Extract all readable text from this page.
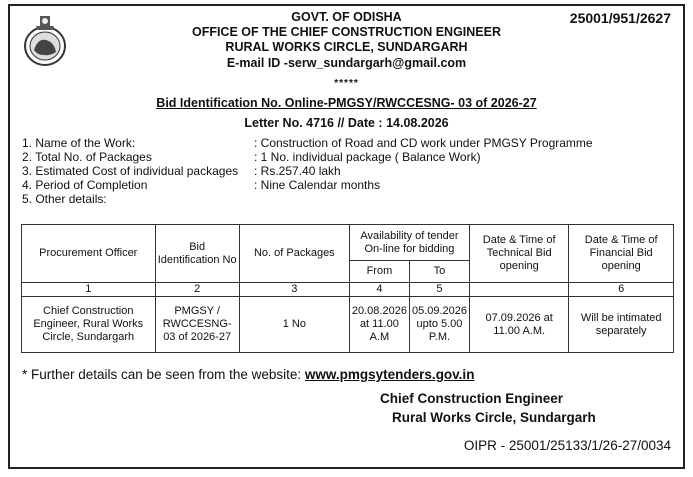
25001/951/2627
GOVT. OF ODISHA
OFFICE OF THE CHIEF CONSTRUCTION ENGINEER
RURAL WORKS CIRCLE, SUNDARGARH
E-mail ID -serw_sundargarh@gmail.com
*****
Bid Identification No. Online-PMGSY/RWCCESNG- 03 of 2026-27
Letter No. 4716 // Date : 14.08.2026
1. Name of the Work:	: Construction of Road and CD work under PMGSY Programme
2. Total No. of Packages	: 1 No. individual package ( Balance Work)
3. Estimated Cost of individual packages : Rs.257.40 lakh
4. Period of Completion	: Nine Calendar months
5. Other details:
Procurement Officer	Bid Identification No	No. of Packages	Availability of tender On-line for bidding		Date & Time of Technical Bid opening	Date & Time of Financial Bid opening
			From	To		
1	2	3	4	5		6
Chief Construction Engineer, Rural Works Circle, Sundargarh	PMGSY / RWCCESNG-03 of 2026-27	1 No	20.08.2026 at 11.00 A.M	05.09.2026 upto 5.00 P.M.	07.09.2026 at 11.00 A.M.	Will be intimated separately
* Further details can be seen from the website: www.pmgsytenders.gov.in
Chief Construction Engineer
Rural Works Circle, Sundargarh
OIPR - 25001/25133/1/26-27/0034
